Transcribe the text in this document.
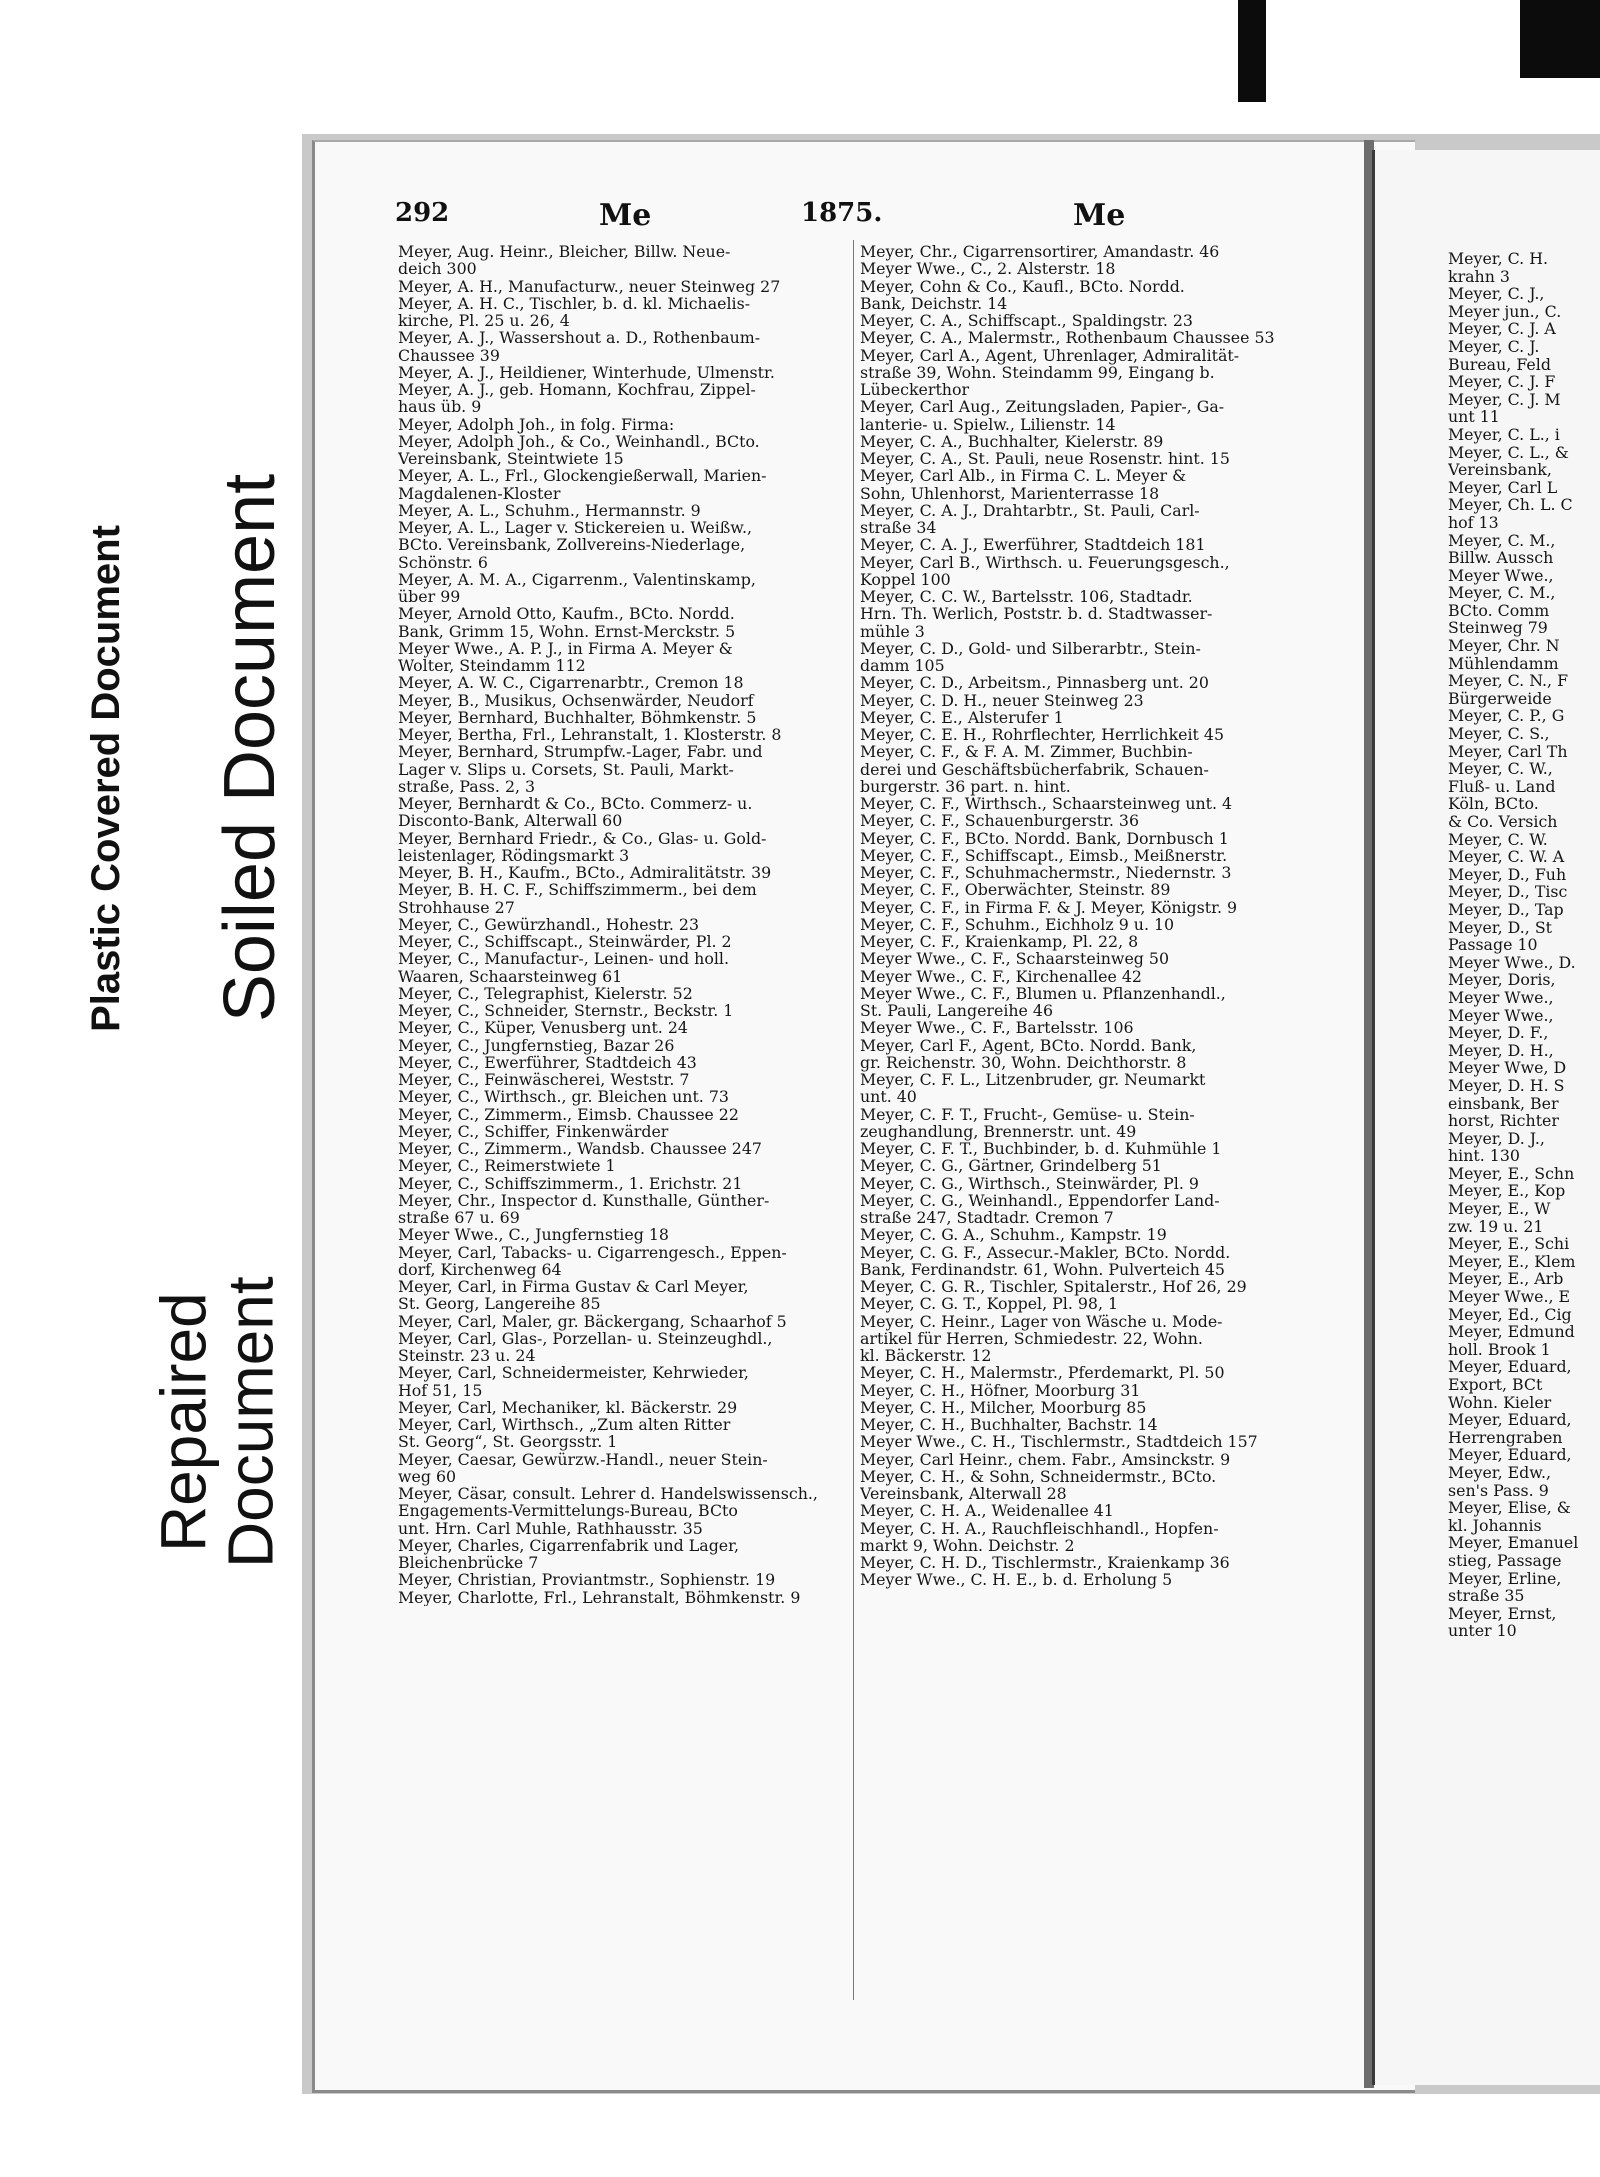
Plastic Covered Document Soiled Document
Repaired
Document
292	Me	1875.	Me
Meyer, Aug. Heinr., Bleicher, Billw. Neue-
deich 300
Meyer, A. H., Manufacturw., neuer Steinweg 27
Meyer, A. H. C., Tischler, b. d. kl. Michaelis-
kirche, Pl. 25 u. 26, 4
Meyer, A. J., Wassershout a. D., Rothenbaum-
Chaussee 39
Meyer, A. J., Heildiener, Winterhude, Ulmenstr.
Meyer, A. J., geb. Homann, Kochfrau, Zippel-
haus üb. 9
Meyer, Adolph Joh., in folg. Firma:
Meyer, Adolph Joh., & Co., Weinhandl., BCto.
Vereinsbank, Steintwiete 15
Meyer, A. L., Frl., Glockengießerwall, Marien-
Magdalenen-Kloster
Meyer, A. L., Schuhm., Hermannstr. 9
Meyer, A. L., Lager v. Stickereien u. Weißw.,
BCto. Vereinsbank, Zollvereins-Niederlage,
Schönstr. 6
Meyer, A. M. A., Cigarrenm., Valentinskamp,
über 99
Meyer, Arnold Otto, Kaufm., BCto. Nordd.
Bank, Grimm 15, Wohn. Ernst-Merckstr. 5
Meyer Wwe., A. P. J., in Firma A. Meyer &
Wolter, Steindamm 112
Meyer, A. W. C., Cigarrenarbtr., Cremon 18
Meyer, B., Musikus, Ochsenwärder, Neudorf
Meyer, Bernhard, Buchhalter, Böhmkenstr. 5
Meyer, Bertha, Frl., Lehranstalt, 1. Klosterstr. 8
Meyer, Bernhard, Strumpfw.-Lager, Fabr. und
Lager v. Slips u. Corsets, St. Pauli, Markt-
straße, Pass. 2, 3
Meyer, Bernhardt & Co., BCto. Commerz- u.
Disconto-Bank, Alterwall 60
Meyer, Bernhard Friedr., & Co., Glas- u. Gold-
leistenlager, Rödingsmarkt 3
Meyer, B. H., Kaufm., BCto., Admiralitätstr. 39
Meyer, B. H. C. F., Schiffszimmerm., bei dem
Strohhause 27
Meyer, C., Gewürzhandl., Hohestr. 23
Meyer, C., Schiffscapt., Steinwärder, Pl. 2
Meyer, C., Manufactur-, Leinen- und holl.
Waaren, Schaarsteinweg 61
Meyer, C., Telegraphist, Kielerstr. 52
Meyer, C., Schneider, Sternstr., Beckstr. 1
Meyer, C., Küper, Venusberg unt. 24
Meyer, C., Jungfernstieg, Bazar 26
Meyer, C., Ewerführer, Stadtdeich 43
Meyer, C., Feinwäscherei, Weststr. 7
Meyer, C., Wirthsch., gr. Bleichen unt. 73
Meyer, C., Zimmerm., Eimsb. Chaussee 22
Meyer, C., Schiffer, Finkenwärder
Meyer, C., Zimmerm., Wandsb. Chaussee 247
Meyer, C., Reimerstwiete 1
Meyer, C., Schiffszimmerm., 1. Erichstr. 21
Meyer, Chr., Inspector d. Kunsthalle, Günther-
straße 67 u. 69
Meyer Wwe., C., Jungfernstieg 18
Meyer, Carl, Tabacks- u. Cigarrengesch., Eppen-
dorf, Kirchenweg 64
Meyer, Carl, in Firma Gustav & Carl Meyer,
St. Georg, Langereihe 85
Meyer, Carl, Maler, gr. Bäckergang, Schaarhof 5
Meyer, Carl, Glas-, Porzellan- u. Steinzeughdl.,
Steinstr. 23 u. 24
Meyer, Carl, Schneidermeister, Kehrwieder,
Hof 51, 15
Meyer, Carl, Mechaniker, kl. Bäckerstr. 29
Meyer, Carl, Wirthsch., „Zum alten Ritter
St. Georg“, St. Georgsstr. 1
Meyer, Caesar, Gewürzw.-Handl., neuer Stein-
weg 60
Meyer, Cäsar, consult. Lehrer d. Handelswissensch.,
Engagements-Vermittelungs-Bureau, BCto
unt. Hrn. Carl Muhle, Rathhausstr. 35
Meyer, Charles, Cigarrenfabrik und Lager,
Bleichenbrücke 7
Meyer, Christian, Proviantmstr., Sophienstr. 19
Meyer, Charlotte, Frl., Lehranstalt, Böhmkenstr. 9
Meyer, Chr., Cigarrensortirer, Amandastr. 46
Meyer Wwe., C., 2. Alsterstr. 18
Meyer, Cohn & Co., Kaufl., BCto. Nordd.
Bank, Deichstr. 14
Meyer, C. A., Schiffscapt., Spaldingstr. 23
Meyer, C. A., Malermstr., Rothenbaum Chaussee 53
Meyer, Carl A., Agent, Uhrenlager, Admiralität-
straße 39, Wohn. Steindamm 99, Eingang b.
Lübeckerthor
Meyer, Carl Aug., Zeitungsladen, Papier-, Ga-
lanterie- u. Spielw., Lilienstr. 14
Meyer, C. A., Buchhalter, Kielerstr. 89
Meyer, C. A., St. Pauli, neue Rosenstr. hint. 15
Meyer, Carl Alb., in Firma C. L. Meyer &
Sohn, Uhlenhorst, Marienterrasse 18
Meyer, C. A. J., Drahtarbtr., St. Pauli, Carl-
straße 34
Meyer, C. A. J., Ewerführer, Stadtdeich 181
Meyer, Carl B., Wirthsch. u. Feuerungsgesch.,
Koppel 100
Meyer, C. C. W., Bartelsstr. 106, Stadtadr.
Hrn. Th. Werlich, Poststr. b. d. Stadtwasser-
mühle 3
Meyer, C. D., Gold- und Silberarbtr., Stein-
damm 105
Meyer, C. D., Arbeitsm., Pinnasberg unt. 20
Meyer, C. D. H., neuer Steinweg 23
Meyer, C. E., Alsterufer 1
Meyer, C. E. H., Rohrflechter, Herrlichkeit 45
Meyer, C. F., & F. A. M. Zimmer, Buchbin-
derei und Geschäftsbücherfabrik, Schauen-
burgerstr. 36 part. n. hint.
Meyer, C. F., Wirthsch., Schaarsteinweg unt. 4
Meyer, C. F., Schauenburgerstr. 36
Meyer, C. F., BCto. Nordd. Bank, Dornbusch 1
Meyer, C. F., Schiffscapt., Eimsb., Meißnerstr.
Meyer, C. F., Schuhmachermstr., Niedernstr. 3
Meyer, C. F., Oberwächter, Steinstr. 89
Meyer, C. F., in Firma F. & J. Meyer, Königstr. 9
Meyer, C. F., Schuhm., Eichholz 9 u. 10
Meyer, C. F., Kraienkamp, Pl. 22, 8
Meyer Wwe., C. F., Schaarsteinweg 50
Meyer Wwe., C. F., Kirchenallee 42
Meyer Wwe., C. F., Blumen u. Pflanzenhandl.,
St. Pauli, Langereihe 46
Meyer Wwe., C. F., Bartelsstr. 106
Meyer, Carl F., Agent, BCto. Nordd. Bank,
gr. Reichenstr. 30, Wohn. Deichthorstr. 8
Meyer, C. F. L., Litzenbruder, gr. Neumarkt
unt. 40
Meyer, C. F. T., Frucht-, Gemüse- u. Stein-
zeughandlung, Brennerstr. unt. 49
Meyer, C. F. T., Buchbinder, b. d. Kuhmühle 1
Meyer, C. G., Gärtner, Grindelberg 51
Meyer, C. G., Wirthsch., Steinwärder, Pl. 9
Meyer, C. G., Weinhandl., Eppendorfer Land-
straße 247, Stadtadr. Cremon 7
Meyer, C. G. A., Schuhm., Kampstr. 19
Meyer, C. G. F., Assecur.-Makler, BCto. Nordd.
Bank, Ferdinandstr. 61, Wohn. Pulverteich 45
Meyer, C. G. R., Tischler, Spitalerstr., Hof 26, 29
Meyer, C. G. T., Koppel, Pl. 98, 1
Meyer, C. Heinr., Lager von Wäsche u. Mode-
artikel für Herren, Schmiedestr. 22, Wohn.
kl. Bäckerstr. 12
Meyer, C. H., Malermstr., Pferdemarkt, Pl. 50
Meyer, C. H., Höfner, Moorburg 31
Meyer, C. H., Milcher, Moorburg 85
Meyer, C. H., Buchhalter, Bachstr. 14
Meyer Wwe., C. H., Tischlermstr., Stadtdeich 157
Meyer, Carl Heinr., chem. Fabr., Amsinckstr. 9
Meyer, C. H., & Sohn, Schneidermstr., BCto.
Vereinsbank, Alterwall 28
Meyer, C. H. A., Weidenallee 41
Meyer, C. H. A., Rauchfleischhandl., Hopfen-
markt 9, Wohn. Deichstr. 2
Meyer, C. H. D., Tischlermstr., Kraienkamp 36
Meyer Wwe., C. H. E., b. d. Erholung 5
Meyer, C. H.
krahn 3
Meyer, C. J.,
Meyer jun., C.
Meyer, C. J. A
Meyer, C. J.
Bureau, Feld
Meyer, C. J. F
Meyer, C. J. M
unt 11
Meyer, C. L., i
Meyer, C. L., &
Vereinsbank,
Meyer, Carl L
Meyer, Ch. L. C
hof 13
Meyer, C. M.,
Billw. Aussch
Meyer Wwe.,
Meyer, C. M.,
BCto. Comm
Steinweg 79
Meyer, Chr. N
Mühlendamm
Meyer, C. N., F
Bürgerweide
Meyer, C. P., G
Meyer, C. S.,
Meyer, Carl Th
Meyer, C. W.,
Fluß- u. Land
Köln, BCto.
& Co. Versich
Meyer, C. W.
Meyer, C. W. A
Meyer, D., Fuh
Meyer, D., Tisc
Meyer, D., Tap
Meyer, D., St
Passage 10
Meyer Wwe., D.
Meyer, Doris,
Meyer Wwe.,
Meyer Wwe.,
Meyer, D. F.,
Meyer, D. H.,
Meyer Wwe, D
Meyer, D. H. S
einsbank, Ber
horst, Richter
Meyer, D. J.,
hint. 130
Meyer, E., Schn
Meyer, E., Kop
Meyer, E., W
zw. 19 u. 21
Meyer, E., Schi
Meyer, E., Klem
Meyer, E., Arb
Meyer Wwe., E
Meyer, Ed., Cig
Meyer, Edmund
holl. Brook 1
Meyer, Eduard,
Export, BCt
Wohn. Kieler
Meyer, Eduard,
Herrengraben
Meyer, Eduard,
Meyer, Edw.,
sen's Pass. 9
Meyer, Elise, &
kl. Johannis
Meyer, Emanuel
stieg, Passage
Meyer, Erline,
straße 35
Meyer, Ernst,
unter 10
